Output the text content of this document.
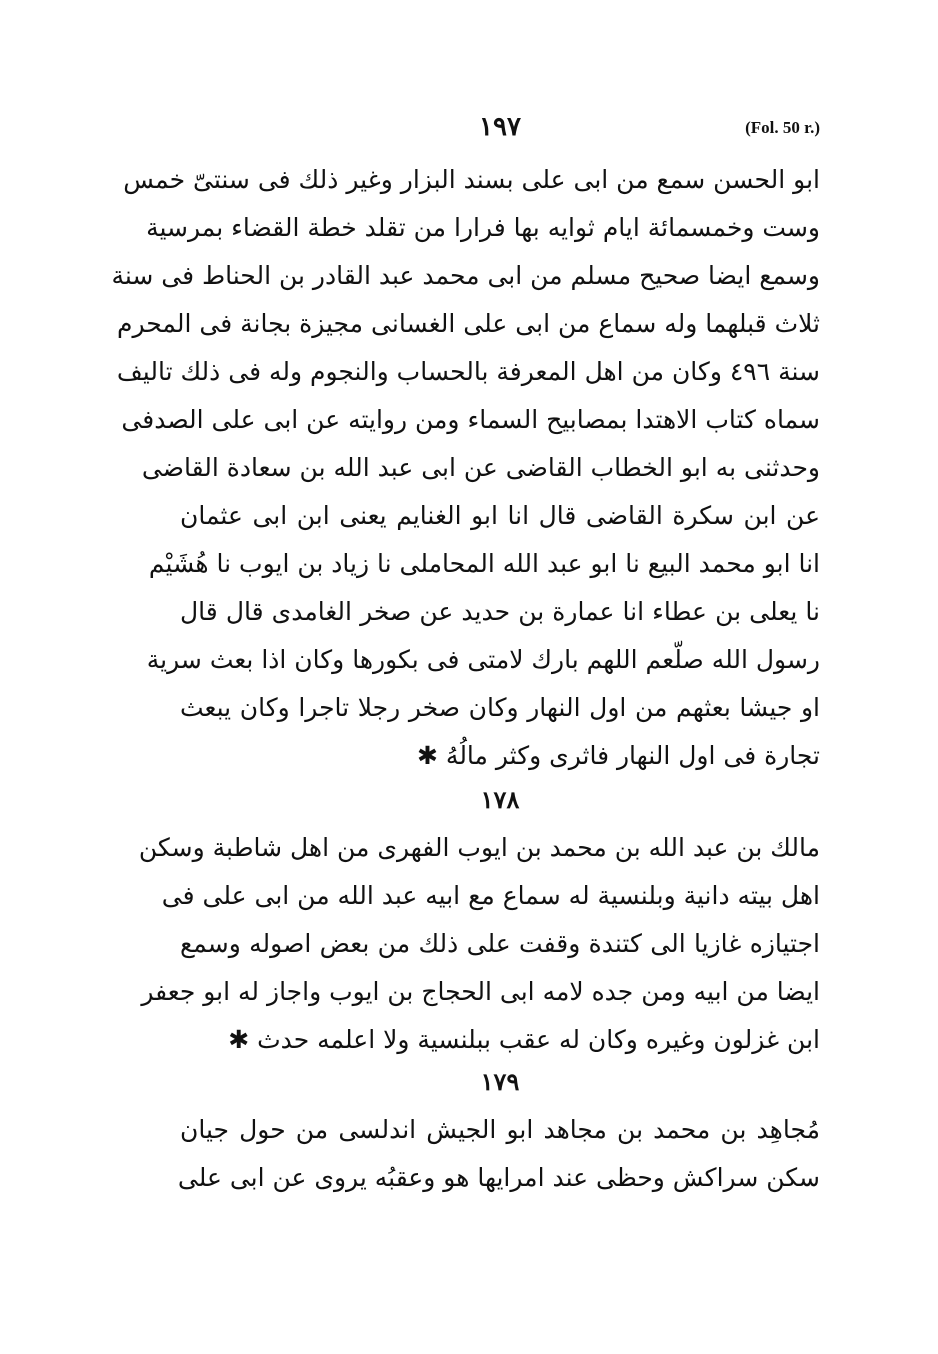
١٩٧	(Fol. 50 r.)
ابو الحسن سمع من ابى على بسند البزار وغير ذلك فى سنتىّ خمس
وست وخمسمائة ايام ثوايه بها فرارا من تقلد خطة القضاء بمرسية
وسمع ايضا صحيح مسلم من ابى محمد عبد القادر بن الحناط فى سنة
ثلاث قبلهما وله سماع من ابى على الغسانى مجيزة بجانة فى المحرم
سنة ٤٩٦ وكان من اهل المعرفة بالحساب والنجوم وله فى ذلك تاليف
سماه كتاب الاهتدا بمصابيح السماء ومن روايته عن ابى على الصدفى
وحدثنى به ابو الخطاب القاضى عن ابى عبد الله بن سعادة القاضى
عن ابن سكرة القاضى قال انا ابو الغنايم يعنى ابن ابى عثمان
انا ابو محمد البيع نا ابو عبد الله المحاملى نا زياد بن ايوب نا هُشَيْم
نا يعلى بن عطاء انا عمارة بن حديد عن صخر الغامدى قال قال
رسول الله صلّعم اللهم بارك لامتى فى بكورها وكان اذا بعث سرية
او جيشا بعثهم من اول النهار وكان صخر رجلا تاجرا وكان يبعث
تجارة فى اول النهار فاثرى وكثر مالُهُ ✱
١٧٨
مالك بن عبد الله بن محمد بن ايوب الفهرى من اهل شاطبة وسكن
اهل بيته دانية وبلنسية له سماع مع ابيه عبد الله من ابى على فى
اجتيازه غازيا الى كتندة وقفت على ذلك من بعض اصوله وسمع
ايضا من ابيه ومن جده لامه ابى الحجاج بن ايوب واجاز له ابو جعفر
ابن غزلون وغيره وكان له عقب ببلنسية ولا اعلمه حدث ✱
١٧٩
مُجاهِد بن محمد بن مجاهد ابو الجيش اندلسى من حول جيان
سكن سراكش وحظى عند امرايها هو وعقبُه يروى عن ابى على
